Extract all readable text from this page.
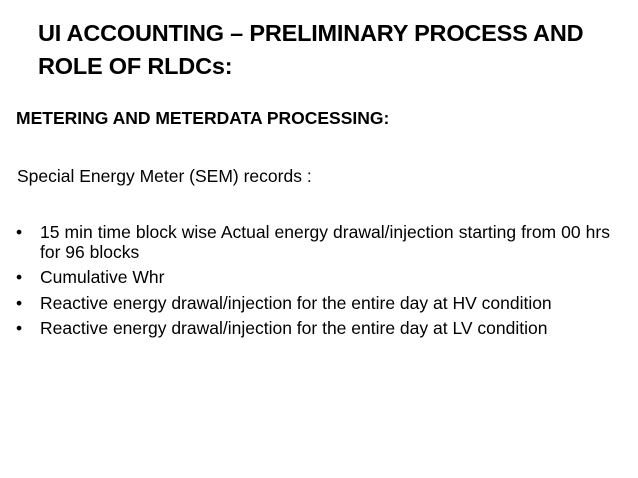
UI ACCOUNTING – PRELIMINARY PROCESS AND
ROLE OF RLDCs:

METERING AND METERDATA PROCESSING:

Special Energy Meter (SEM) records :

•	15 min time block wise Actual energy drawal/injection starting from 00 hrs for 96 blocks
•	Cumulative Whr
•	Reactive energy drawal/injection for the entire day at HV condition
•	Reactive energy drawal/injection for the entire day at LV condition
